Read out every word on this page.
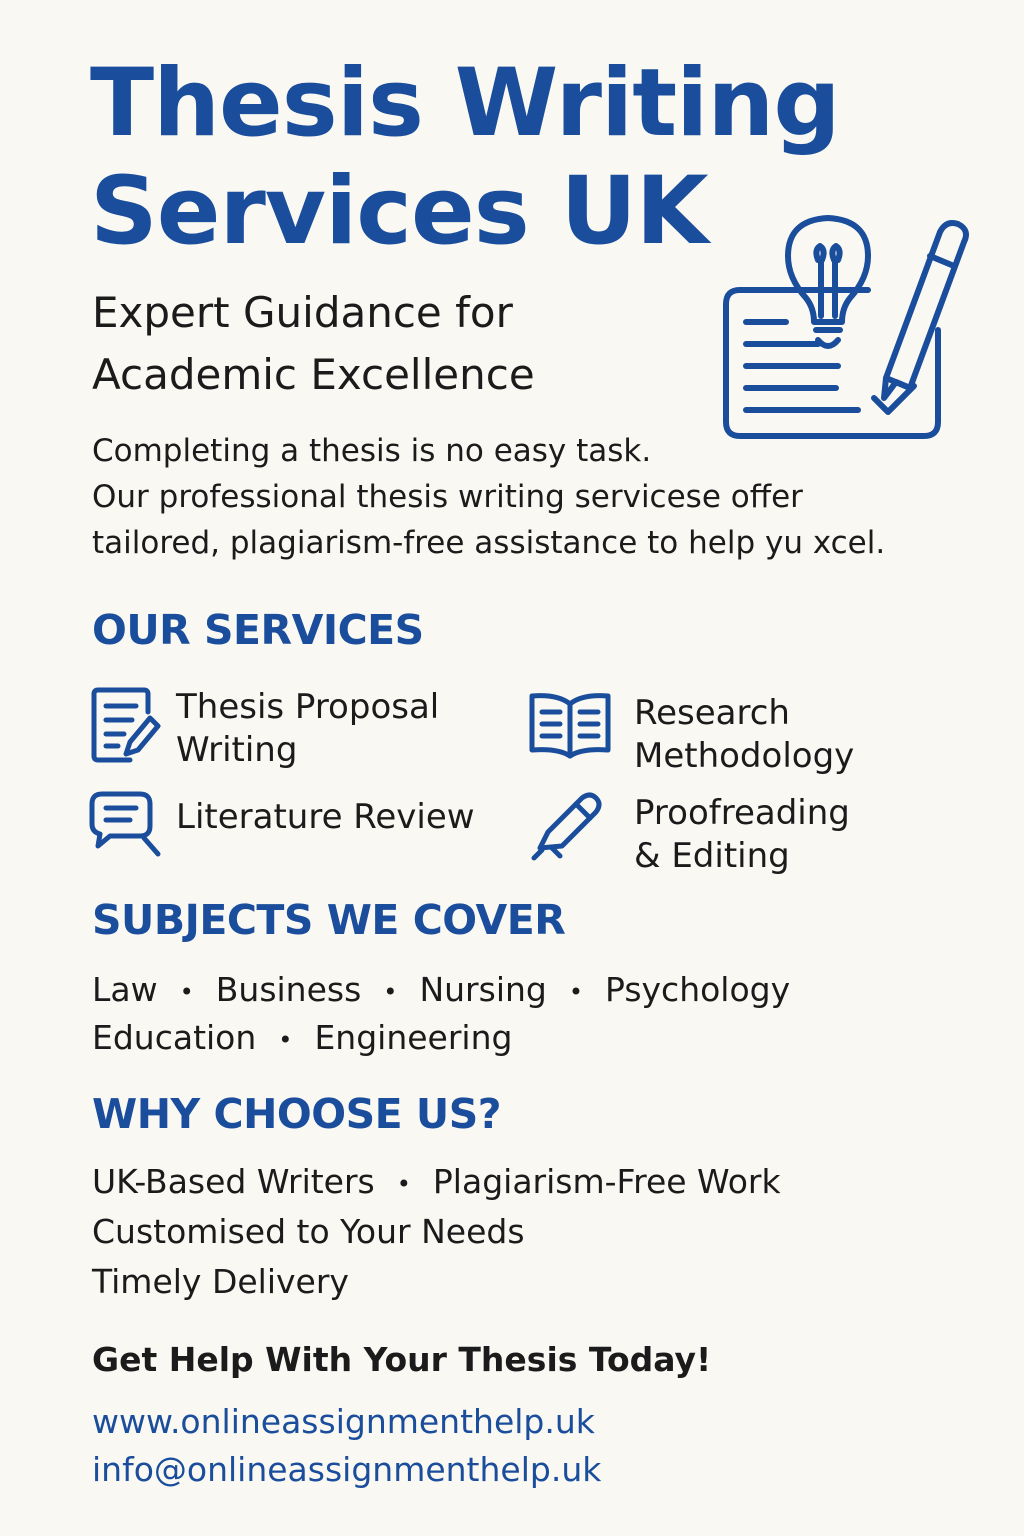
Thesis Writing
Services UK
Expert Guidance for
Academic Excellence

Completing a thesis is no easy task.
Our professional thesis writing servicese offer
tailored, plagiarism-free assistance to help yu xcel.

OUR SERVICES
Thesis Proposal
Writing
Research
Methodology
Literature Review	Proofreading
& Editing
SUBJECTS WE COVER

Law • Business • Nursing • Psychology

Education • Engineering

WHY CHOOSE US?

UK-Based Writers • Plagiarism-Free Work

Customised to Your Needs

Timely Delivery

Get Help With Your Thesis Today!

www.onlineassignmenthelp.uk

info@onlineassignmenthelp.uk
